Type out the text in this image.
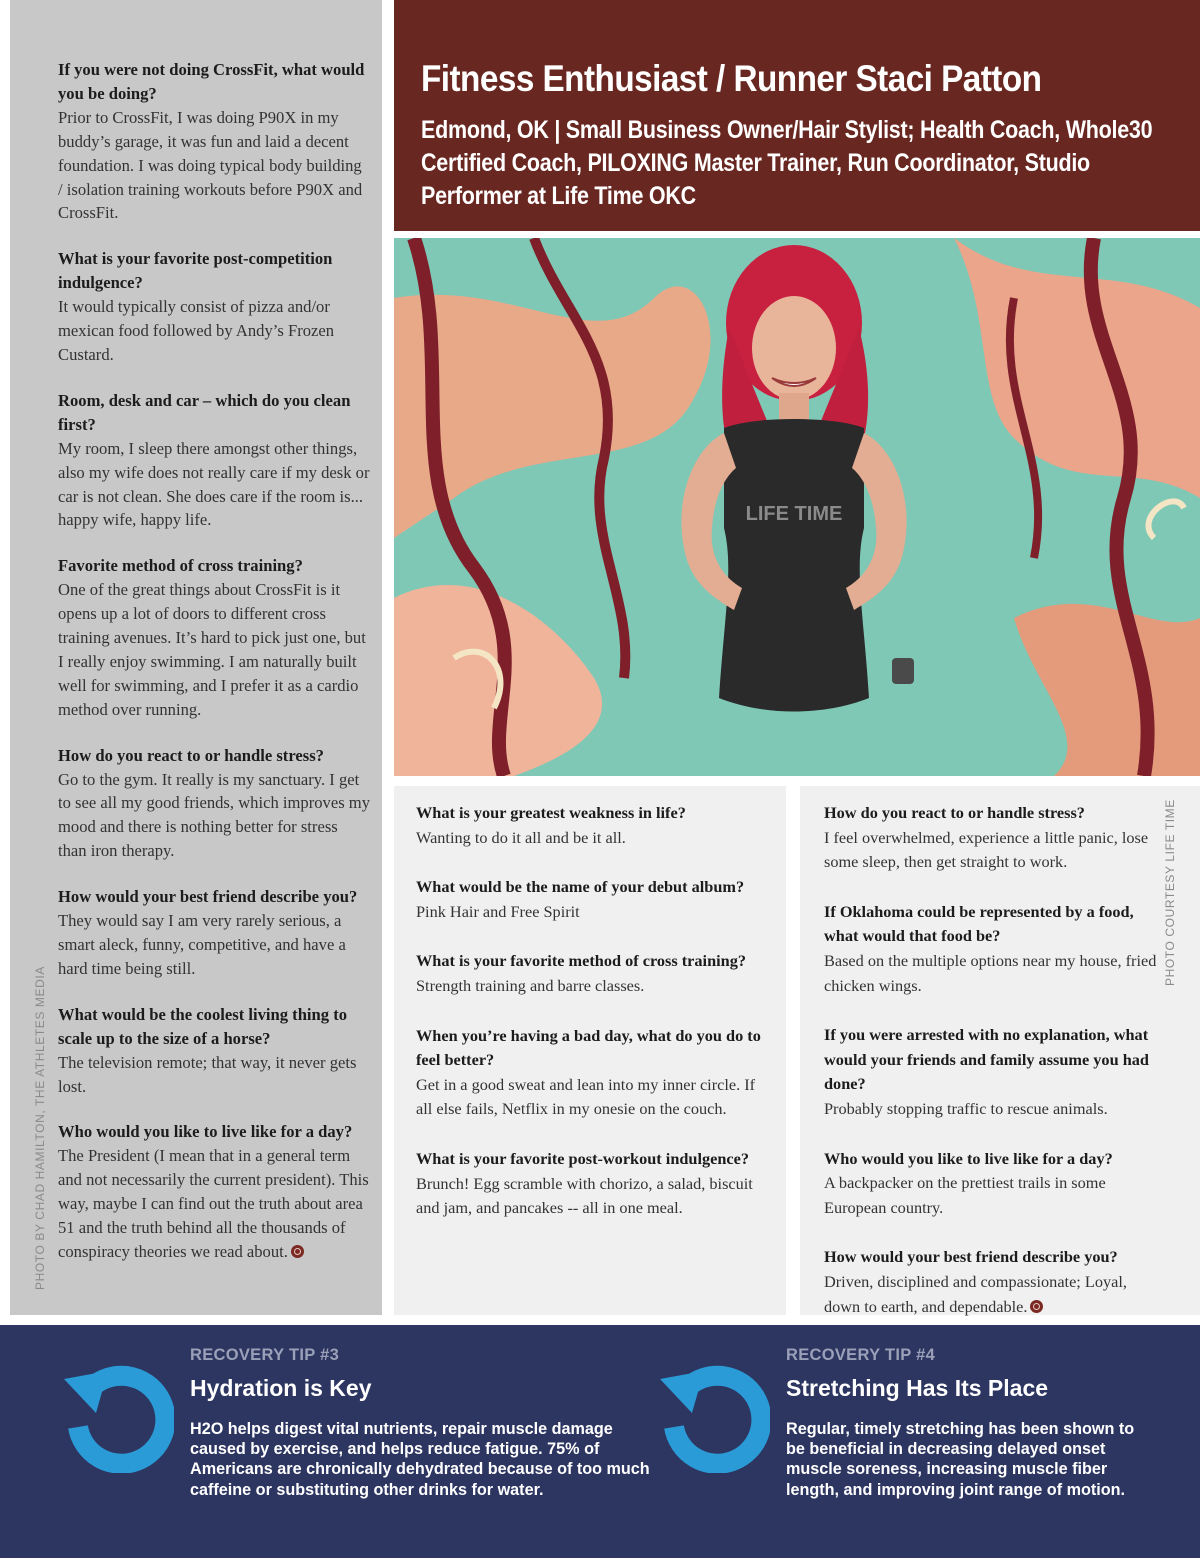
If you were not doing CrossFit, what would you be doing?
Prior to CrossFit, I was doing P90X in my buddy’s garage, it was fun and laid a decent foundation. I was doing typical body building / isolation training workouts before P90X and CrossFit.
What is your favorite post-competition indulgence?
It would typically consist of pizza and/or mexican food followed by Andy’s Frozen Custard.
Room, desk and car – which do you clean first?
My room, I sleep there amongst other things, also my wife does not really care if my desk or car is not clean. She does care if the room is... happy wife, happy life.
Favorite method of cross training?
One of the great things about CrossFit is it opens up a lot of doors to different cross training avenues. It’s hard to pick just one, but I really enjoy swimming. I am naturally built well for swimming, and I prefer it as a cardio method over running.
How do you react to or handle stress?
Go to the gym. It really is my sanctuary. I get to see all my good friends, which improves my mood and there is nothing better for stress than iron therapy.
How would your best friend describe you?
They would say I am very rarely serious, a smart aleck, funny, competitive, and have a hard time being still.
What would be the coolest living thing to scale up to the size of a horse?
The television remote; that way, it never gets lost.
Who would you like to live like for a day?
The President (I mean that in a general term and not necessarily the current president). This way, maybe I can find out the truth about area 51 and the truth behind all the thousands of conspiracy theories we read about.
PHOTO BY CHAD HAMILTON, THE ATHLETES MEDIA
Fitness Enthusiast / Runner Staci Patton
Edmond, OK | Small Business Owner/Hair Stylist; Health Coach, Whole30 Certified Coach, PILOXING Master Trainer, Run Coordinator, Studio Performer at Life Time OKC
LIFE TIME
What is your greatest weakness in life?
Wanting to do it all and be it all.
What would be the name of your debut album?
Pink Hair and Free Spirit
What is your favorite method of cross training?
Strength training and barre classes.
When you’re having a bad day, what do you do to feel better?
Get in a good sweat and lean into my inner circle. If all else fails, Netflix in my onesie on the couch.
What is your favorite post-workout indulgence?
Brunch! Egg scramble with chorizo, a salad, biscuit and jam, and pancakes -- all in one meal.
How do you react to or handle stress?
I feel overwhelmed, experience a little panic, lose some sleep, then get straight to work.
If Oklahoma could be represented by a food, what would that food be?
Based on the multiple options near my house, fried chicken wings.
If you were arrested with no explanation, what would your friends and family assume you had done?
Probably stopping traffic to rescue animals.
Who would you like to live like for a day?
A backpacker on the prettiest trails in some European country.
How would your best friend describe you?
Driven, disciplined and compassionate; Loyal, down to earth, and dependable.
PHOTO COURTESY LIFE TIME
RECOVERY TIP #3
Hydration is Key
H2O helps digest vital nutrients, repair muscle damage caused by exercise, and helps reduce fatigue. 75% of Americans are chronically dehydrated because of too much caffeine or substituting other drinks for water.
RECOVERY TIP #4
Stretching Has Its Place
Regular, timely stretching has been shown to be beneficial in decreasing delayed onset muscle soreness, increasing muscle fiber length, and improving joint range of motion.
